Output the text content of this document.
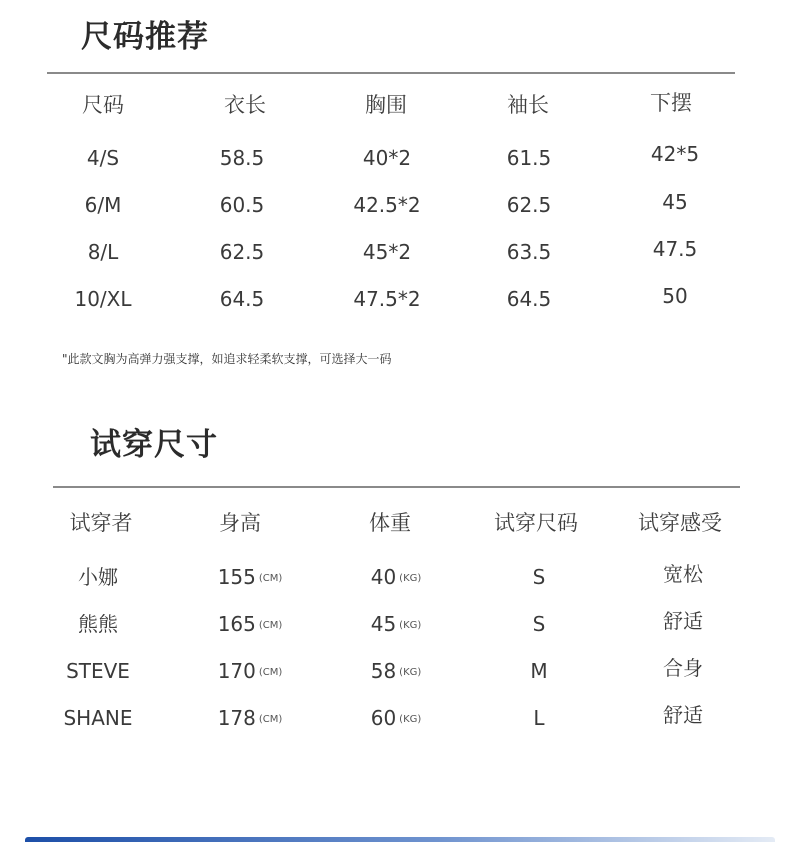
尺码推荐
尺码	衣长	胸围	袖长	下摆
4/S	58.5	40*2	61.5	42*5
6/M	60.5	42.5*2	62.5	45
8/L	62.5	45*2	63.5	47.5
10/XL	64.5	47.5*2	64.5	50
"此款文胸为高弹力强支撑，如追求轻柔软支撑，可选择大一码
试穿尺寸
试穿者	身高	体重	试穿尺码	试穿感受
小娜	155 (CM)	40 (KG)	S	宽松
熊熊	165 (CM)	45 (KG)	S	舒适
STEVE	170 (CM)	58 (KG)	M	合身
SHANE	178 (CM)	60 (KG)	L	舒适
